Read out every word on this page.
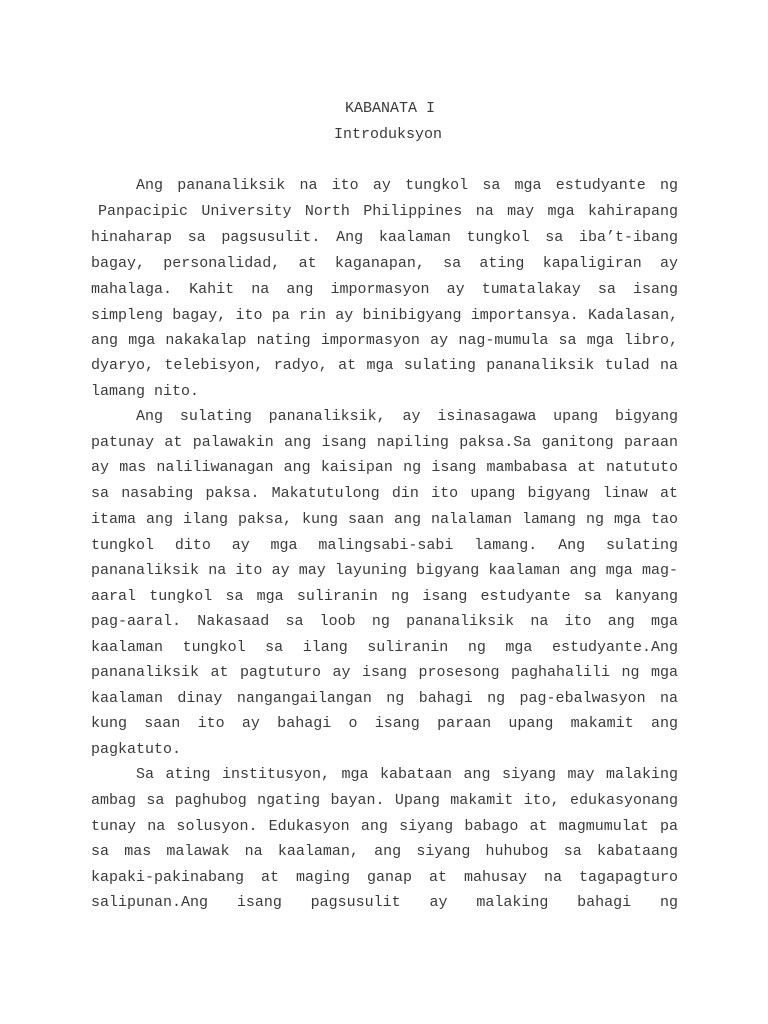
KABANATA I
Introduksyon
Ang pananaliksik na ito ay tungkol sa mga estudyante ng
Panpacipic University North Philippines na may mga kahirapang
hinaharap sa pagsusulit. Ang kaalaman tungkol sa iba’t-ibang
bagay, personalidad, at kaganapan, sa ating kapaligiran ay
mahalaga. Kahit na ang impormasyon ay tumatalakay sa isang
simpleng bagay, ito pa rin ay binibigyang importansya. Kadalasan,
ang mga nakakalap nating impormasyon ay nag-mumula sa mga libro,
dyaryo, telebisyon, radyo, at mga sulating pananaliksik tulad na
lamang nito.
Ang sulating pananaliksik, ay isinasagawa upang bigyang
patunay at palawakin ang isang napiling paksa.Sa ganitong paraan
ay mas naliliwanagan ang kaisipan ng isang mambabasa at natututo
sa nasabing paksa. Makatutulong din ito upang bigyang linaw at
itama ang ilang paksa, kung saan ang nalalaman lamang ng mga tao
tungkol dito ay mga malingsabi-sabi lamang. Ang sulating
pananaliksik na ito ay may layuning bigyang kaalaman ang mga mag-
aaral tungkol sa mga suliranin ng isang estudyante sa kanyang
pag-aaral. Nakasaad sa loob ng pananaliksik na ito ang mga
kaalaman tungkol sa ilang suliranin ng mga estudyante.Ang
pananaliksik at pagtuturo ay isang prosesong paghahalili ng mga
kaalaman dinay nangangailangan ng bahagi ng pag-ebalwasyon na
kung saan ito ay bahagi o isang paraan upang makamit ang
pagkatuto.
Sa ating institusyon, mga kabataan ang siyang may malaking
ambag sa paghubog ngating bayan. Upang makamit ito, edukasyonang
tunay na solusyon. Edukasyon ang siyang babago at magmumulat pa
sa mas malawak na kaalaman, ang siyang huhubog sa kabataang
kapaki-pakinabang at maging ganap at mahusay na tagapagturo
salipunan.Ang isang pagsusulit ay malaking bahagi ng
